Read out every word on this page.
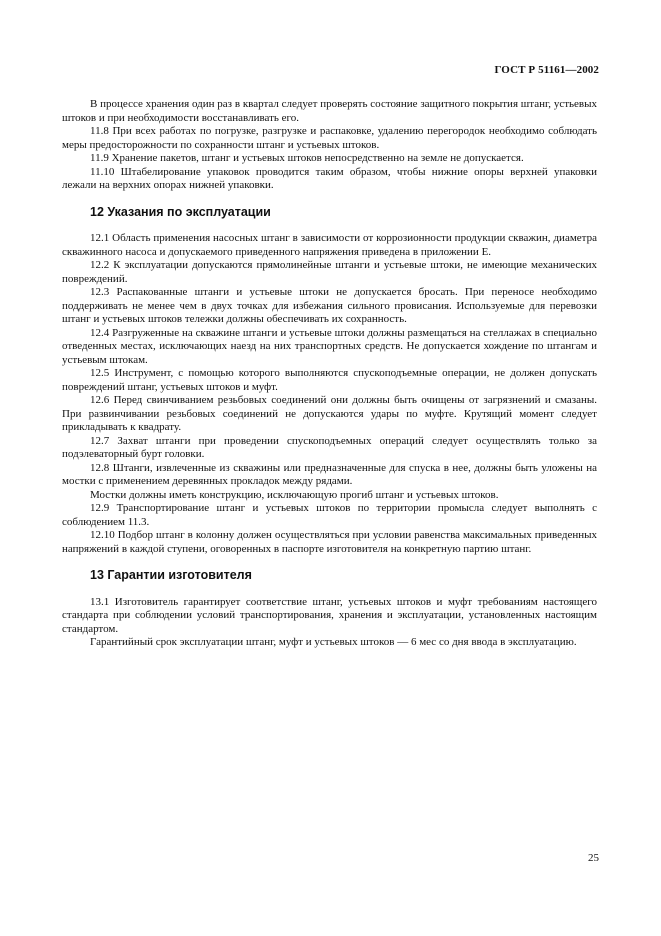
ГОСТ Р 51161—2002

В процессе хранения один раз в квартал следует проверять состояние защитного покрытия штанг, устьевых штоков и при необходимости восстанавливать его.

11.8 При всех работах по погрузке, разгрузке и распаковке, удалению перегородок необходимо соблюдать меры предосторожности по сохранности штанг и устьевых штоков.

11.9 Хранение пакетов, штанг и устьевых штоков непосредственно на земле не допускается.

11.10 Штабелирование упаковок проводится таким образом, чтобы нижние опоры верхней упаковки лежали на верхних опорах нижней упаковки.

12 Указания по эксплуатации

12.1 Область применения насосных штанг в зависимости от коррозионности продукции скважин, диаметра скважинного насоса и допускаемого приведенного напряжения приведена в приложении Е.

12.2 К эксплуатации допускаются прямолинейные штанги и устьевые штоки, не имеющие механических повреждений.

12.3 Распакованные штанги и устьевые штоки не допускается бросать. При переносе необходимо поддерживать не менее чем в двух точках для избежания сильного провисания. Используемые для перевозки штанг и устьевых штоков тележки должны обеспечивать их сохранность.

12.4 Разгруженные на скважине штанги и устьевые штоки должны размещаться на стеллажах в специально отведенных местах, исключающих наезд на них транспортных средств. Не допускается хождение по штангам и устьевым штокам.

12.5 Инструмент, с помощью которого выполняются спускоподъемные операции, не должен допускать повреждений штанг, устьевых штоков и муфт.

12.6 Перед свинчиванием резьбовых соединений они должны быть очищены от загрязнений и смазаны. При развинчивании резьбовых соединений не допускаются удары по муфте. Крутящий момент следует прикладывать к квадрату.

12.7 Захват штанги при проведении спускоподъемных операций следует осуществлять только за подэлеваторный бурт головки.

12.8 Штанги, извлеченные из скважины или предназначенные для спуска в нее, должны быть уложены на мостки с применением деревянных прокладок между рядами.

Мостки должны иметь конструкцию, исключающую прогиб штанг и устьевых штоков.

12.9 Транспортирование штанг и устьевых штоков по территории промысла следует выполнять с соблюдением 11.3.

12.10 Подбор штанг в колонну должен осуществляться при условии равенства максимальных приведенных напряжений в каждой ступени, оговоренных в паспорте изготовителя на конкретную партию штанг.

13 Гарантии изготовителя

13.1 Изготовитель гарантирует соответствие штанг, устьевых штоков и муфт требованиям настоящего стандарта при соблюдении условий транспортирования, хранения и эксплуатации, установленных настоящим стандартом.

Гарантийный срок эксплуатации штанг, муфт и устьевых штоков — 6 мес со дня ввода в эксплуатацию.

25
